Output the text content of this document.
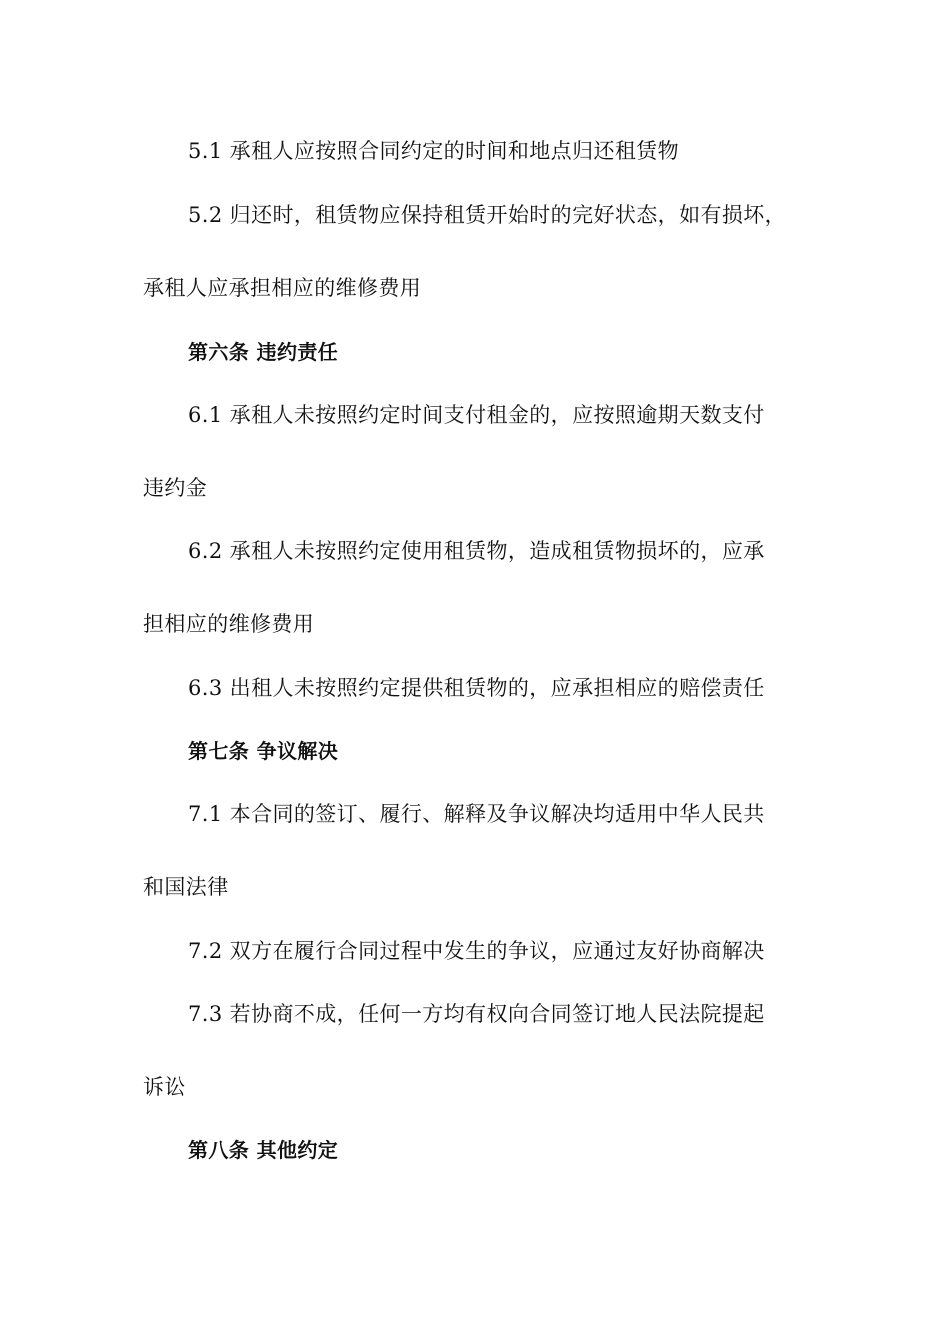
5.1 承租人应按照合同约定的时间和地点归还租赁物
5.2 归还时，租赁物应保持租赁开始时的完好状态，如有损坏，
承租人应承担相应的维修费用
第六条 违约责任
6.1 承租人未按照约定时间支付租金的，应按照逾期天数支付
违约金
6.2 承租人未按照约定使用租赁物，造成租赁物损坏的，应承
担相应的维修费用
6.3 出租人未按照约定提供租赁物的，应承担相应的赔偿责任
第七条 争议解决
7.1 本合同的签订、履行、解释及争议解决均适用中华人民共
和国法律
7.2 双方在履行合同过程中发生的争议，应通过友好协商解决
7.3 若协商不成，任何一方均有权向合同签订地人民法院提起
诉讼
第八条 其他约定
